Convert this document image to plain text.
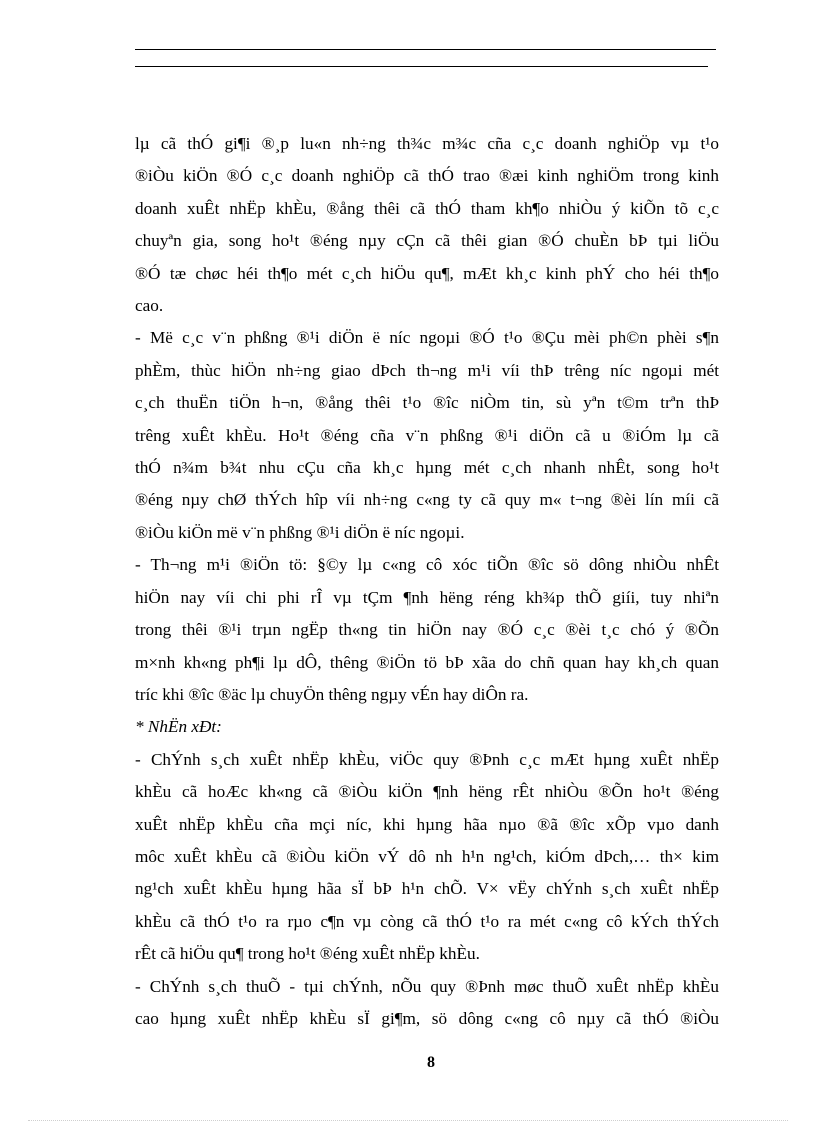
lµ cã thÓ gi¶i ®¸p lu«n nh÷ng th¾c m¾c cña c¸c doanh nghiÖp vµ t¹o
®iÒu kiÖn ®Ó c¸c doanh nghiÖp cã thÓ trao ®æi kinh nghiÖm trong kinh
doanh xuÊt nhËp khÈu, ®ång thêi cã thÓ tham kh¶o nhiÒu ý kiÕn tõ c¸c
chuyªn gia, song ho¹t ®éng nµy cÇn cã thêi gian ®Ó chuÈn bÞ tµi liÖu
®Ó tæ chøc héi th¶o mét c¸ch hiÖu qu¶, mÆt kh¸c kinh phÝ cho héi th¶o
cao.
- Më c¸c v¨n phßng ®¹i diÖn ë níc ngoµi ®Ó t¹o ®Çu mèi ph©n phèi s¶n
phÈm, thùc hiÖn nh÷ng giao dÞch th¬ng m¹i víi thÞ trêng níc ngoµi mét
c¸ch thuËn tiÖn h¬n, ®ång thêi t¹o ®îc niÒm tin, sù yªn t©m trªn thÞ
trêng xuÊt khÈu. Ho¹t ®éng cña v¨n phßng ®¹i diÖn cã u ®iÓm lµ cã
thÓ n¾m b¾t nhu cÇu cña kh¸c hµng mét c¸ch nhanh nhÊt, song ho¹t
®éng nµy chØ thÝch hîp víi nh÷ng c«ng ty cã quy m« t¬ng ®èi lín míi cã
®iÒu kiÖn më v¨n phßng ®¹i diÖn ë níc ngoµi.
- Th¬ng m¹i ®iÖn tö: §©y lµ c«ng cô xóc tiÕn ®îc sö dông nhiÒu nhÊt
hiÖn nay víi chi phi rÎ vµ tÇm ¶nh hëng réng kh¾p thÕ giíi, tuy nhiªn
trong thêi ®¹i trµn ngËp th«ng tin hiÖn nay ®Ó c¸c ®èi t¸c chó ý ®Õn
m×nh kh«ng ph¶i lµ dÔ, thêng ®iÖn tö bÞ xãa do chñ quan hay kh¸ch quan
tríc khi ®îc ®äc lµ chuyÖn thêng ngµy vÉn hay diÔn ra.
* NhËn xÐt:
- ChÝnh s¸ch xuÊt nhËp khÈu, viÖc quy ®Þnh c¸c mÆt hµng xuÊt nhËp
khÈu cã hoÆc kh«ng cã ®iÒu kiÖn ¶nh hëng rÊt nhiÒu ®Õn ho¹t ®éng
xuÊt nhËp khÈu cña mçi níc, khi hµng hãa nµo ®ã ®îc xÕp vµo danh
môc xuÊt khÈu cã ®iÒu kiÖn vÝ dô nh h¹n ng¹ch, kiÓm dÞch,… th× kim
ng¹ch xuÊt khÈu hµng hãa sÏ bÞ h¹n chÕ. V× vËy chÝnh s¸ch xuÊt nhËp
khÈu cã thÓ t¹o ra rµo c¶n vµ còng cã thÓ t¹o ra mét c«ng cô kÝch thÝch
rÊt cã hiÖu qu¶ trong ho¹t ®éng xuÊt nhËp khÈu.
- ChÝnh s¸ch thuÕ - tµi chÝnh, nÕu quy ®Þnh møc thuÕ xuÊt nhËp khÈu
cao hµng xuÊt nhËp khÈu sÏ gi¶m, sö dông c«ng cô nµy cã thÓ ®iÒu
8
